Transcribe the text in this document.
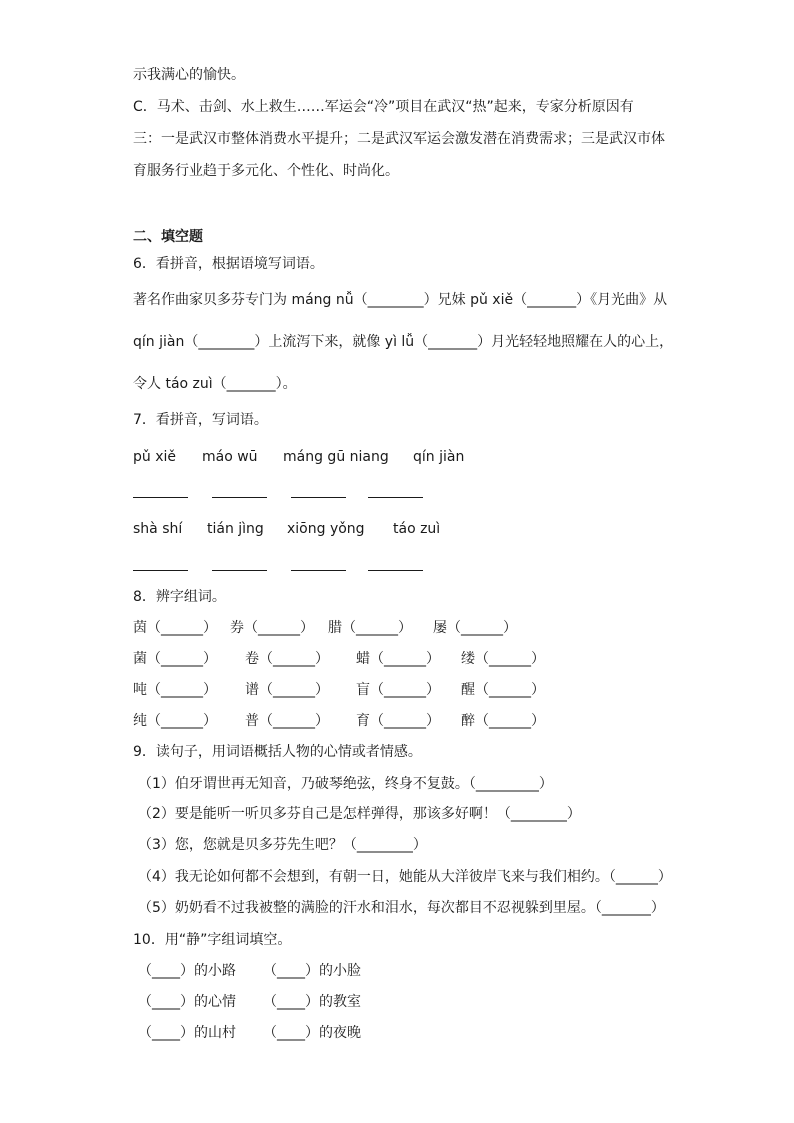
示我满心的愉快。
C．马术、击剑、水上救生……军运会“冷”项目在武汉“热”起来，专家分析原因有
三：一是武汉市整体消费水平提升；二是武汉军运会激发潜在消费需求；三是武汉市体
育服务行业趋于多元化、个性化、时尚化。
二、填空题
6．看拼音，根据语境写词语。
著名作曲家贝多芬专门为 máng nǚ（________）兄妹 pǔ xiě（_______）《月光曲》从
qín jiàn（________）上流泻下来，就像 yì lǚ（_______）月光轻轻地照耀在人的心上，
令人 táo zuì（_______）。
7．看拼音，写词语。
pǔ xiě máo wū máng gū niang qín jiàn
shà shí tián jìng xiōng yǒng táo zuì
8．辨字组词。
茵（______） 券（______） 腊（______） 屡（______）
菌（______） 卷（______） 蜡（______） 缕（______）
吨（______） 谱（______） 盲（______） 醒（______）
纯（______） 普（______） 育（______） 醉（______）
9．读句子，用词语概括人物的心情或者情感。
（1）伯牙谓世再无知音，乃破琴绝弦，终身不复鼓。（_________）
（2）要是能听一听贝多芬自己是怎样弹得，那该多好啊！（________）
（3）您，您就是贝多芬先生吧？（________）
（4）我无论如何都不会想到，有朝一日，她能从大洋彼岸飞来与我们相约。（______）
（5）奶奶看不过我被整的满脸的汗水和泪水，每次都目不忍视躲到里屋。（_______）
10．用“静”字组词填空。
（____）的小路 （____）的小脸
（____）的心情 （____）的教室
（____）的山村 （____）的夜晚
